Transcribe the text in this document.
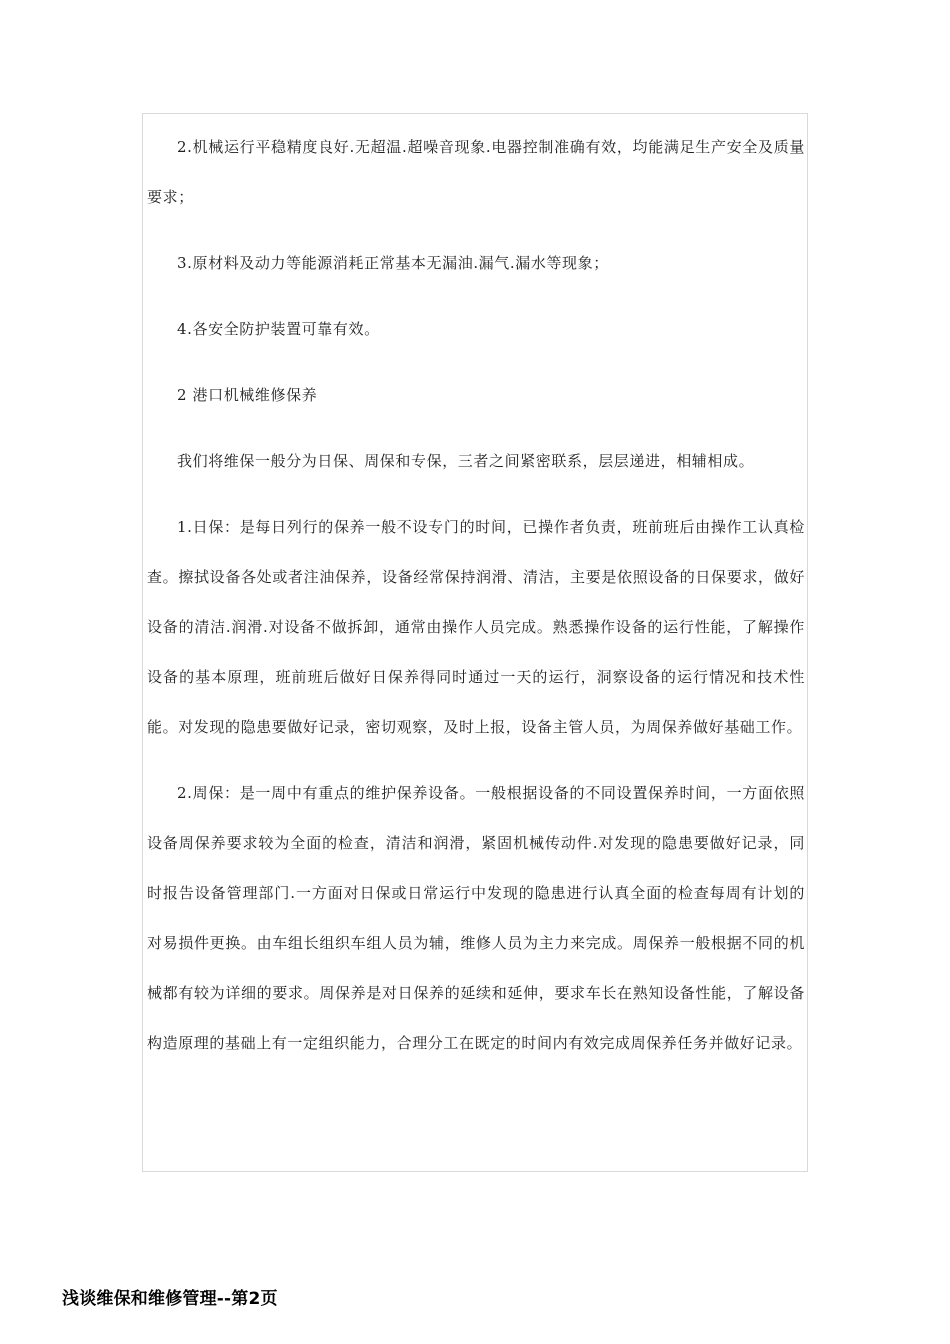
2.机械运行平稳精度良好.无超温.超噪音现象.电器控制准确有效，均能满足生产安全及质量要求；

3.原材料及动力等能源消耗正常基本无漏油.漏气.漏水等现象；

4.各安全防护装置可靠有效。

2 港口机械维修保养

我们将维保一般分为日保、周保和专保，三者之间紧密联系，层层递进，相辅相成。

1.日保：是每日列行的保养一般不设专门的时间，已操作者负责，班前班后由操作工认真检查。擦拭设备各处或者注油保养，设备经常保持润滑、清洁，主要是依照设备的日保要求，做好设备的清洁.润滑.对设备不做拆卸，通常由操作人员完成。熟悉操作设备的运行性能，了解操作设备的基本原理，班前班后做好日保养得同时通过一天的运行，洞察设备的运行情况和技术性能。对发现的隐患要做好记录，密切观察，及时上报，设备主管人员，为周保养做好基础工作。

2.周保：是一周中有重点的维护保养设备。一般根据设备的不同设置保养时间，一方面依照设备周保养要求较为全面的检查，清洁和润滑，紧固机械传动件.对发现的隐患要做好记录，同时报告设备管理部门.一方面对日保或日常运行中发现的隐患进行认真全面的检查每周有计划的对易损件更换。由车组长组织车组人员为辅，维修人员为主力来完成。周保养一般根据不同的机械都有较为详细的要求。周保养是对日保养的延续和延伸，要求车长在熟知设备性能，了解设备构造原理的基础上有一定组织能力，合理分工在既定的时间内有效完成周保养任务并做好记录。

浅谈维保和维修管理--第2页
